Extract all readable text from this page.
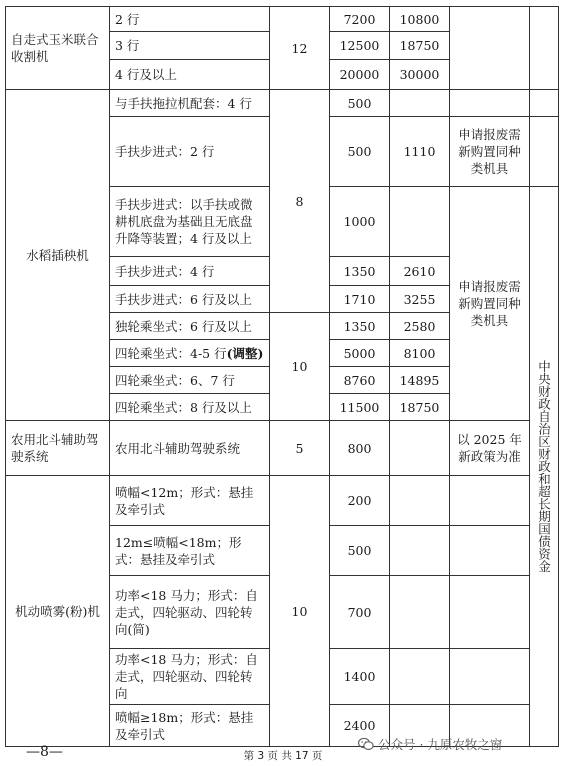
自走式玉米联合收割机	2 行	12	7200	10800		
	3 行		12500	18750		
	4 行及以上		20000	30000		
水稻插秧机	与手扶拖拉机配套：4 行	8	500			
	手扶步进式：2 行		500	1110	申请报废需新购置同种类机具	
	手扶步进式：以手扶或微耕机底盘为基础且无底盘升降等装置；4 行及以上		1000		申请报废需新购置同种类机具	中央财政自治区财政和超长期国债资金
	手扶步进式：4 行		1350	2610		
	手扶步进式：6 行及以上		1710	3255		
	独轮乘坐式：6 行及以上	10	1350	2580		
	四轮乘坐式：4-5 行(调整)		5000	8100		
	四轮乘坐式：6、7 行		8760	14895		
	四轮乘坐式：8 行及以上		11500	18750		
农用北斗辅助驾驶系统	农用北斗辅助驾驶系统	5	800		以 2025 年新政策为准	
机动喷雾(粉)机	喷幅<12m；形式：悬挂及牵引式	10	200			
	12m≤喷幅<18m；形式：悬挂及牵引式		500			
	功率<18 马力；形式：自走式，四轮驱动、四轮转向(简)		700			
	功率<18 马力；形式：自走式，四轮驱动、四轮转向		1400			
	喷幅≥18m；形式：悬挂及牵引式		2400			
—8—	第 3 页 共 17 页
公众号 · 九原农牧之窗
